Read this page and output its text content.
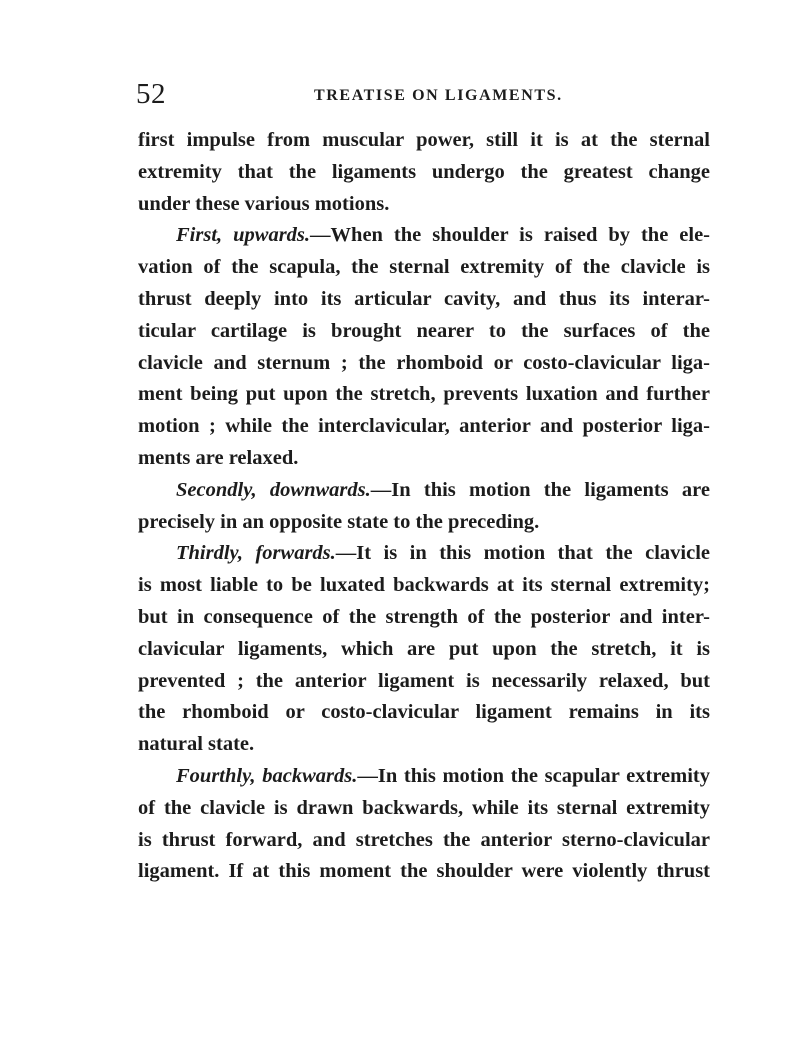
52	TREATISE ON LIGAMENTS.
first impulse from muscular power, still it is at the sternal
extremity that the ligaments undergo the greatest change
under these various motions.
First, upwards.—When the shoulder is raised by the ele-
vation of the scapula, the sternal extremity of the clavicle is
thrust deeply into its articular cavity, and thus its interar-
ticular cartilage is brought nearer to the surfaces of the
clavicle and sternum ; the rhomboid or costo-clavicular liga-
ment being put upon the stretch, prevents luxation and further
motion ; while the interclavicular, anterior and posterior liga-
ments are relaxed.
Secondly, downwards.—In this motion the ligaments are
precisely in an opposite state to the preceding.
Thirdly, forwards.—It is in this motion that the clavicle
is most liable to be luxated backwards at its sternal extremity;
but in consequence of the strength of the posterior and inter-
clavicular ligaments, which are put upon the stretch, it is
prevented ; the anterior ligament is necessarily relaxed, but
the rhomboid or costo-clavicular ligament remains in its
natural state.
Fourthly, backwards.—In this motion the scapular extremity
of the clavicle is drawn backwards, while its sternal extremity
is thrust forward, and stretches the anterior sterno-clavicular
ligament. If at this moment the shoulder were violently thrust
